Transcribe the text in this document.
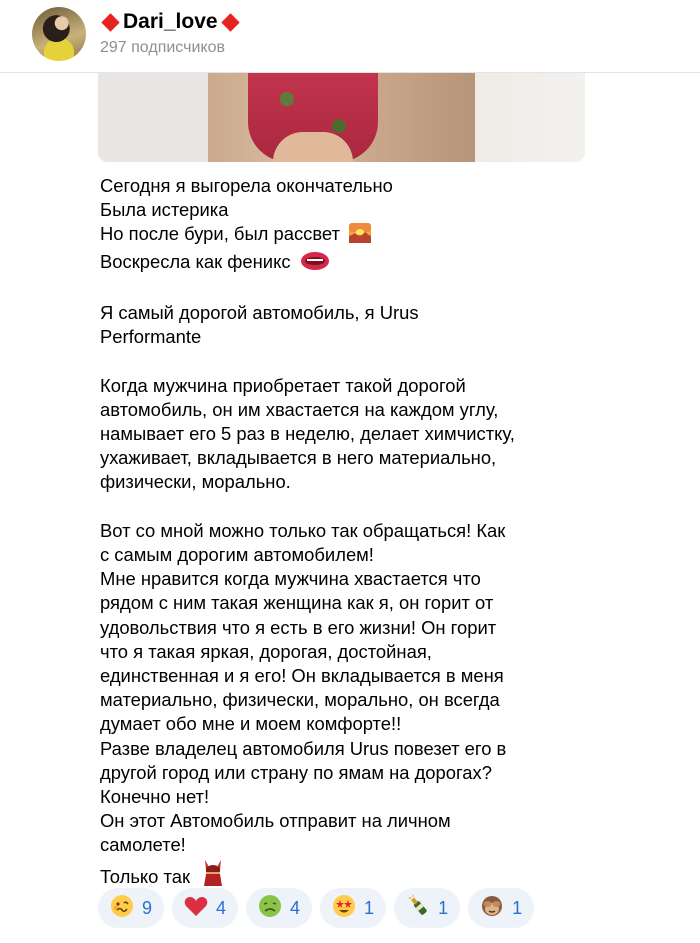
Dari_love
297 подписчиков

Сегодня я выгорела окончательно

Была истерика

Но после бури, был рассвет

Воскресла как феникс

Я самый дорогой автомобиль, я Urus

Performante

Когда мужчина приобретает такой дорогой

автомобиль, он им хвастается на каждом углу,

намывает его 5 раз в неделю, делает химчистку,

ухаживает, вкладывается в него материально,

физически, морально.

Вот со мной можно только так обращаться! Как

с самым дорогим автомобилем!

Мне нравится когда мужчина хвастается что

рядом с ним такая женщина как я, он горит от

удовольствия что я есть в его жизни! Он горит

что я такая яркая, дорогая, достойная,

единственная и я его! Он вкладывается в меня

материально, физически, морально, он всегда

думает обо мне и моем комфорте!!

Разве владелец автомобиля Urus повезет его в

другой город или страну по ямам на дорогах?

Конечно нет!

Он этот Автомобиль отправит на личном

самолете!

Только так

9	4	4	1	1	1
